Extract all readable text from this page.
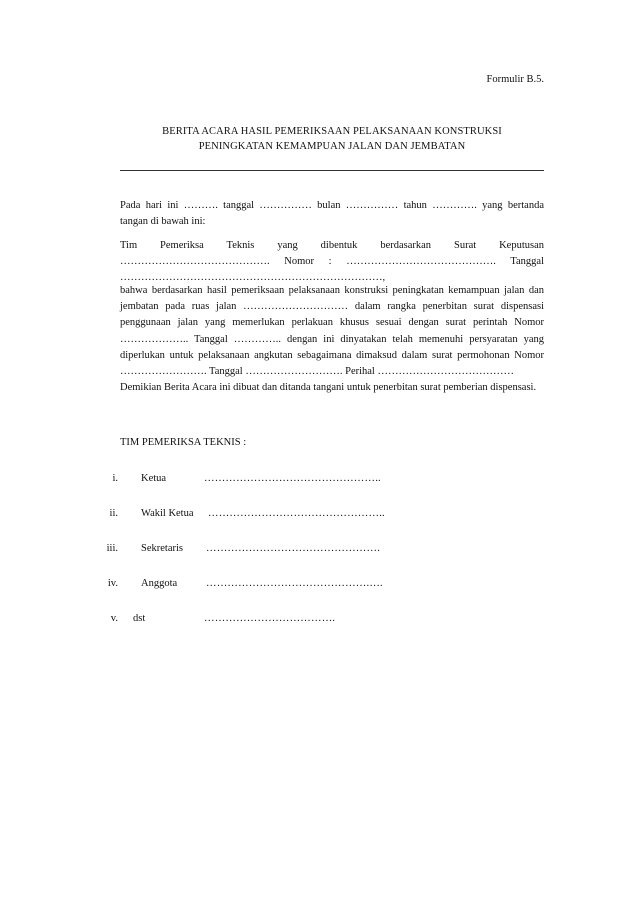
Formulir B.5.
BERITA ACARA HASIL PEMERIKSAAN PELAKSANAAN KONSTRUKSI
PENINGKATAN KEMAMPUAN JALAN DAN JEMBATAN

Pada hari ini ………. tanggal …………… bulan …………… tahun …………. yang bertanda tangan di bawah ini:

Tim Pemeriksa Teknis yang dibentuk berdasarkan Surat Keputusan ……………………………………. Nomor : ……………………………………. Tanggal …………………………………………………………………,

bahwa berdasarkan hasil pemeriksaan pelaksanaan konstruksi peningkatan kemampuan jalan dan jembatan pada ruas jalan ………………………… dalam rangka penerbitan surat dispensasi penggunaan jalan yang memerlukan perlakuan khusus sesuai dengan surat perintah Nomor ……………….. Tanggal ………….. dengan ini dinyatakan telah memenuhi persyaratan yang diperlukan untuk pelaksanaan angkutan sebagaimana dimaksud dalam surat permohonan Nomor ……………………. Tanggal ………………………. Perihal …………………………………

Demikian Berita Acara ini dibuat dan ditanda tangani untuk penerbitan surat pemberian dispensasi.

TIM PEMERIKSA TEKNIS :
i. Ketua	…………………………………………..
ii. Wakil Ketua …………………………………………..
iii. Sekretaris ………………………………………….
iv. Anggota	……………………………………….….
v. dst	……………………………….
